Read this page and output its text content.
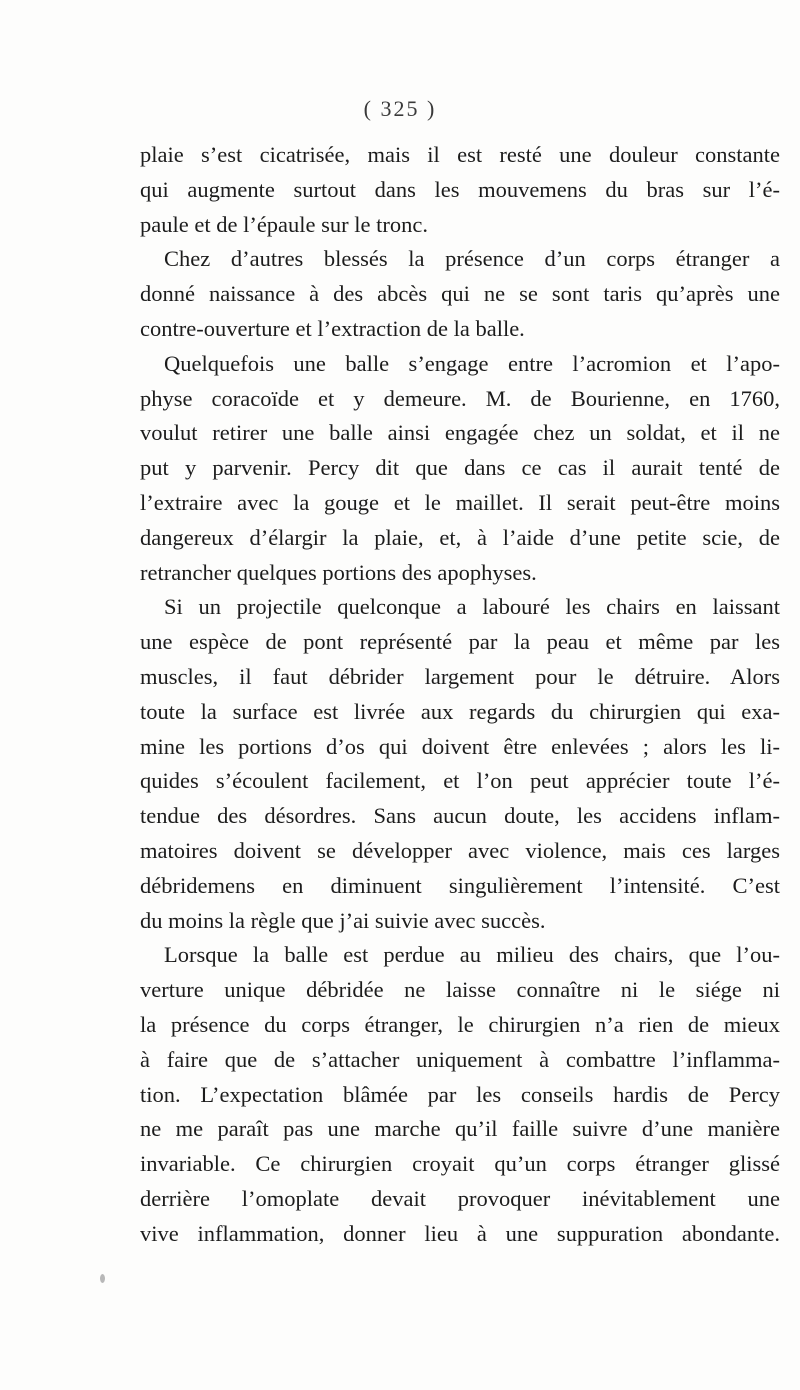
( 325 )
plaie s’est cicatrisée, mais il est resté une douleur constante
qui augmente surtout dans les mouvemens du bras sur l’é-
paule et de l’épaule sur le tronc.
Chez d’autres blessés la présence d’un corps étranger a
donné naissance à des abcès qui ne se sont taris qu’après une
contre-ouverture et l’extraction de la balle.
Quelquefois une balle s’engage entre l’acromion et l’apo-
physe coracoïde et y demeure. M. de Bourienne, en 1760,
voulut retirer une balle ainsi engagée chez un soldat, et il ne
put y parvenir. Percy dit que dans ce cas il aurait tenté de
l’extraire avec la gouge et le maillet. Il serait peut-être moins
dangereux d’élargir la plaie, et, à l’aide d’une petite scie, de
retrancher quelques portions des apophyses.
Si un projectile quelconque a labouré les chairs en laissant
une espèce de pont représenté par la peau et même par les
muscles, il faut débrider largement pour le détruire. Alors
toute la surface est livrée aux regards du chirurgien qui exa-
mine les portions d’os qui doivent être enlevées ; alors les li-
quides s’écoulent facilement, et l’on peut apprécier toute l’é-
tendue des désordres. Sans aucun doute, les accidens inflam-
matoires doivent se développer avec violence, mais ces larges
débridemens en diminuent singulièrement l’intensité. C’est
du moins la règle que j’ai suivie avec succès.
Lorsque la balle est perdue au milieu des chairs, que l’ou-
verture unique débridée ne laisse connaître ni le siége ni
la présence du corps étranger, le chirurgien n’a rien de mieux
à faire que de s’attacher uniquement à combattre l’inflamma-
tion. L’expectation blâmée par les conseils hardis de Percy
ne me paraît pas une marche qu’il faille suivre d’une manière
invariable. Ce chirurgien croyait qu’un corps étranger glissé
derrière l’omoplate devait provoquer inévitablement une
vive inflammation, donner lieu à une suppuration abondante.
